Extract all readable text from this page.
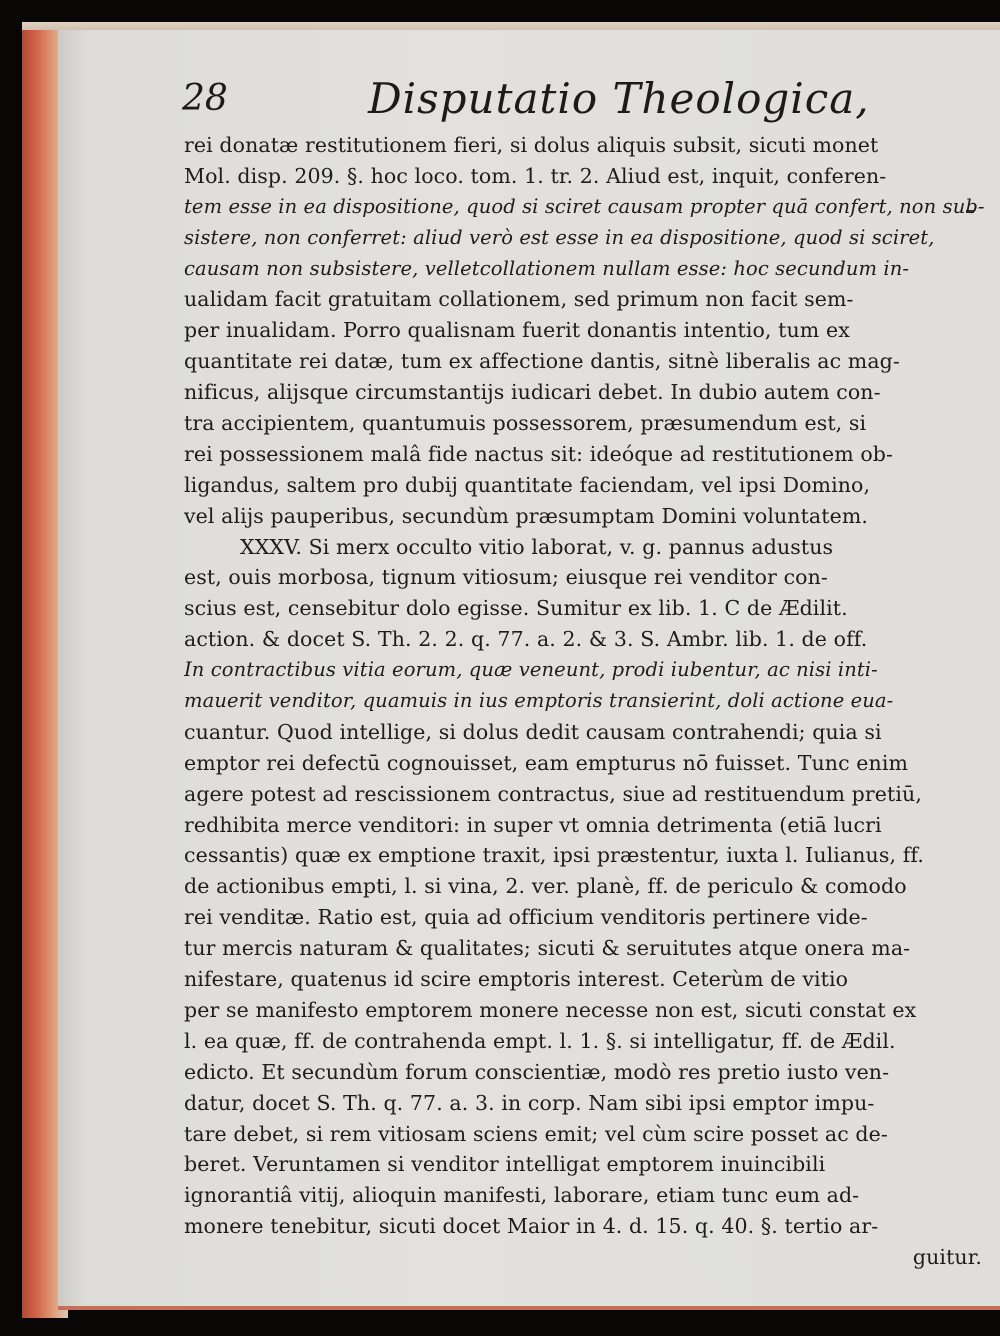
28	Disputatio Theologica,
rei donatæ restitutionem fieri, si dolus aliquis subsit, sicuti monet
Mol. disp. 209. §. hoc loco. tom. 1. tr. 2. Aliud est, inquit, conferen-
tem esse in ea dispositione, quod si sciret causam propter quā confert, non sub-
sistere, non conferret: aliud verò est esse in ea dispositione, quod si sciret,
causam non subsistere, velletcollationem nullam esse: hoc secundum in-
ualidam facit gratuitam collationem, sed primum non facit sem-
per inualidam. Porro qualisnam fuerit donantis intentio, tum ex
quantitate rei datæ, tum ex affectione dantis, sitnè liberalis ac mag-
nificus, alijsque circumstantijs iudicari debet. In dubio autem con-
tra accipientem, quantumuis possessorem, præsumendum est, si
rei possessionem malâ fide nactus sit: ideóque ad restitutionem ob-
ligandus, saltem pro dubij quantitate faciendam, vel ipsi Domino,
vel alijs pauperibus, secundùm præsumptam Domini voluntatem.
XXXV. Si merx occulto vitio laborat, v. g. pannus adustus
est, ouis morbosa, tignum vitiosum; eiusque rei venditor con-
scius est, censebitur dolo egisse. Sumitur ex lib. 1. C de Ædilit.
action. & docet S. Th. 2. 2. q. 77. a. 2. & 3. S. Ambr. lib. 1. de off.
In contractibus vitia eorum, quæ veneunt, prodi iubentur, ac nisi inti-
mauerit venditor, quamuis in ius emptoris transierint, doli actione eua-
cuantur. Quod intellige, si dolus dedit causam contrahendi; quia si
emptor rei defectū cognouisset, eam empturus nō fuisset. Tunc enim
agere potest ad rescissionem contractus, siue ad restituendum pretiū,
redhibita merce venditori: in super vt omnia detrimenta (etiā lucri
cessantis) quæ ex emptione traxit, ipsi præstentur, iuxta l. Iulianus, ff.
de actionibus empti, l. si vina, 2. ver. planè, ff. de periculo & comodo
rei venditæ. Ratio est, quia ad officium venditoris pertinere vide-
tur mercis naturam & qualitates; sicuti & seruitutes atque onera ma-
nifestare, quatenus id scire emptoris interest. Ceterùm de vitio
per se manifesto emptorem monere necesse non est, sicuti constat ex
l. ea quæ, ff. de contrahenda empt. l. 1. §. si intelligatur, ff. de Ædil.
edicto. Et secundùm forum conscientiæ, modò res pretio iusto ven-
datur, docet S. Th. q. 77. a. 3. in corp. Nam sibi ipsi emptor impu-
tare debet, si rem vitiosam sciens emit; vel cùm scire posset ac de-
beret. Veruntamen si venditor intelligat emptorem inuincibili
ignorantiâ vitij, alioquin manifesti, laborare, etiam tunc eum ad-
monere tenebitur, sicuti docet Maior in 4. d. 15. q. 40. §. tertio ar-
guitur.
